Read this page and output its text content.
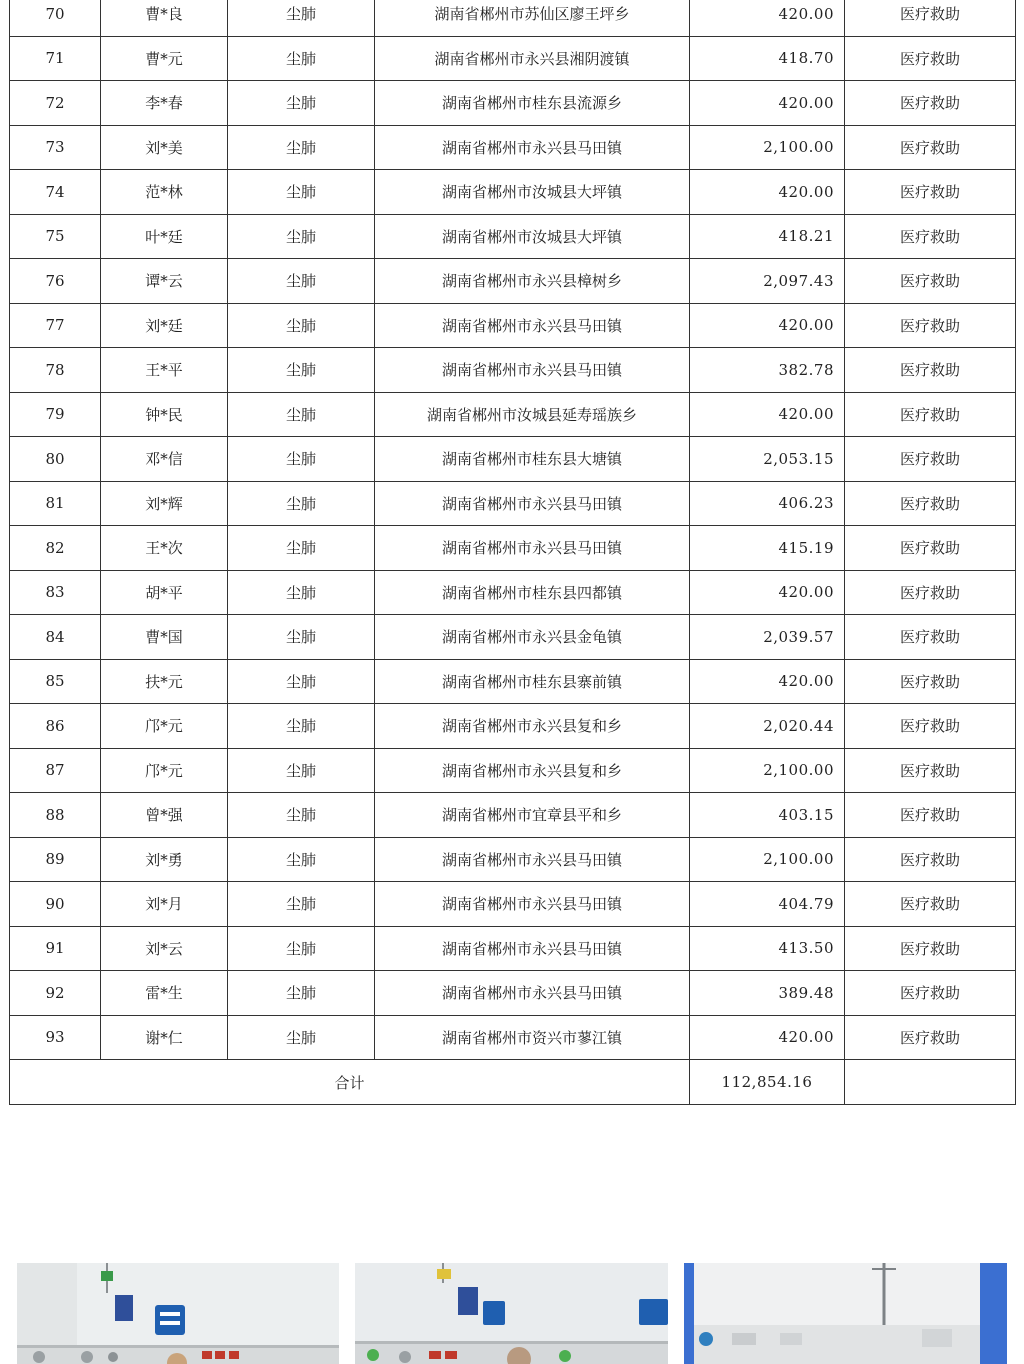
70	曹*良	尘肺	湖南省郴州市苏仙区廖王坪乡	420.00	医疗救助
71	曹*元	尘肺	湖南省郴州市永兴县湘阴渡镇	418.70	医疗救助
72	李*春	尘肺	湖南省郴州市桂东县流源乡	420.00	医疗救助
73	刘*美	尘肺	湖南省郴州市永兴县马田镇	2,100.00	医疗救助
74	范*林	尘肺	湖南省郴州市汝城县大坪镇	420.00	医疗救助
75	叶*廷	尘肺	湖南省郴州市汝城县大坪镇	418.21	医疗救助
76	谭*云	尘肺	湖南省郴州市永兴县樟树乡	2,097.43	医疗救助
77	刘*廷	尘肺	湖南省郴州市永兴县马田镇	420.00	医疗救助
78	王*平	尘肺	湖南省郴州市永兴县马田镇	382.78	医疗救助
79	钟*民	尘肺	湖南省郴州市汝城县延寿瑶族乡	420.00	医疗救助
80	邓*信	尘肺	湖南省郴州市桂东县大塘镇	2,053.15	医疗救助
81	刘*辉	尘肺	湖南省郴州市永兴县马田镇	406.23	医疗救助
82	王*次	尘肺	湖南省郴州市永兴县马田镇	415.19	医疗救助
83	胡*平	尘肺	湖南省郴州市桂东县四都镇	420.00	医疗救助
84	曹*国	尘肺	湖南省郴州市永兴县金龟镇	2,039.57	医疗救助
85	扶*元	尘肺	湖南省郴州市桂东县寨前镇	420.00	医疗救助
86	邝*元	尘肺	湖南省郴州市永兴县复和乡	2,020.44	医疗救助
87	邝*元	尘肺	湖南省郴州市永兴县复和乡	2,100.00	医疗救助
88	曾*强	尘肺	湖南省郴州市宜章县平和乡	403.15	医疗救助
89	刘*勇	尘肺	湖南省郴州市永兴县马田镇	2,100.00	医疗救助
90	刘*月	尘肺	湖南省郴州市永兴县马田镇	404.79	医疗救助
91	刘*云	尘肺	湖南省郴州市永兴县马田镇	413.50	医疗救助
92	雷*生	尘肺	湖南省郴州市永兴县马田镇	389.48	医疗救助
93	谢*仁	尘肺	湖南省郴州市资兴市蓼江镇	420.00	医疗救助
合计				112,854.16	
